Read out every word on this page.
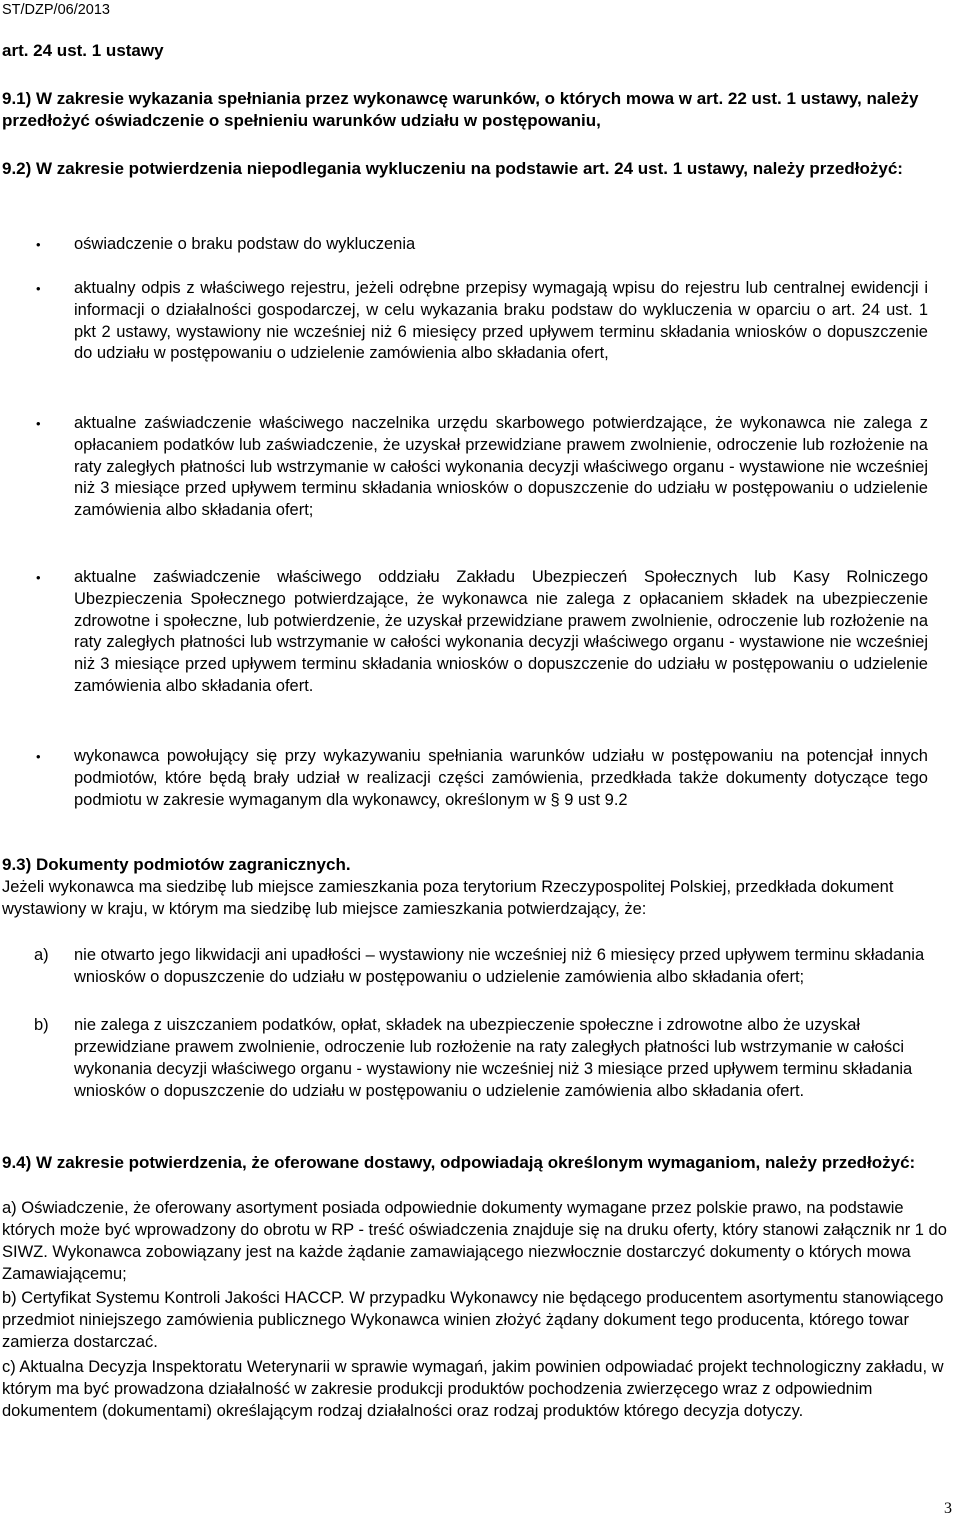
ST/DZP/06/2013
art. 24 ust. 1 ustawy
9.1) W zakresie wykazania spełniania przez wykonawcę warunków, o których mowa w art. 22 ust. 1 ustawy, należy przedłożyć oświadczenie o spełnieniu warunków udziału w postępowaniu,
9.2) W zakresie potwierdzenia niepodlegania wykluczeniu na podstawie art. 24 ust. 1 ustawy, należy przedłożyć:
•	oświadczenie o braku podstaw do wykluczenia
•	aktualny odpis z właściwego rejestru, jeżeli odrębne przepisy wymagają wpisu do rejestru lub centralnej ewidencji i informacji o działalności gospodarczej, w celu wykazania braku podstaw do wykluczenia w oparciu o art. 24 ust. 1 pkt 2 ustawy, wystawiony nie wcześniej niż 6 miesięcy przed upływem terminu składania wniosków o dopuszczenie do udziału w postępowaniu o udzielenie zamówienia albo składania ofert,
•	aktualne zaświadczenie właściwego naczelnika urzędu skarbowego potwierdzające, że wykonawca nie zalega z opłacaniem podatków lub zaświadczenie, że uzyskał przewidziane prawem zwolnienie, odroczenie lub rozłożenie na raty zaległych płatności lub wstrzymanie w całości wykonania decyzji właściwego organu - wystawione nie wcześniej niż 3 miesiące przed upływem terminu składania wniosków o dopuszczenie do udziału w postępowaniu o udzielenie zamówienia albo składania ofert;
•	aktualne zaświadczenie właściwego oddziału Zakładu Ubezpieczeń Społecznych lub Kasy Rolniczego Ubezpieczenia Społecznego potwierdzające, że wykonawca nie zalega z opłacaniem składek na ubezpieczenie zdrowotne i społeczne, lub potwierdzenie, że uzyskał przewidziane prawem zwolnienie, odroczenie lub rozłożenie na raty zaległych płatności lub wstrzymanie w całości wykonania decyzji właściwego organu - wystawione nie wcześniej niż 3 miesiące przed upływem terminu składania wniosków o dopuszczenie do udziału w postępowaniu o udzielenie zamówienia albo składania ofert.
•	wykonawca powołujący się przy wykazywaniu spełniania warunków udziału w postępowaniu na potencjał innych podmiotów, które będą brały udział w realizacji części zamówienia, przedkłada także dokumenty dotyczące tego podmiotu w zakresie wymaganym dla wykonawcy, określonym w § 9 ust 9.2
9.3) Dokumenty podmiotów zagranicznych.
Jeżeli wykonawca ma siedzibę lub miejsce zamieszkania poza terytorium Rzeczypospolitej Polskiej, przedkłada dokument wystawiony w kraju, w którym ma siedzibę lub miejsce zamieszkania potwierdzający, że:
a) nie otwarto jego likwidacji ani upadłości – wystawiony nie wcześniej niż 6 miesięcy przed upływem terminu składania wniosków o dopuszczenie do udziału w postępowaniu o udzielenie zamówienia albo składania ofert;
b) nie zalega z uiszczaniem podatków, opłat, składek na ubezpieczenie społeczne i zdrowotne albo że uzyskał przewidziane prawem zwolnienie, odroczenie lub rozłożenie na raty zaległych płatności lub wstrzymanie w całości wykonania decyzji właściwego organu - wystawiony nie wcześniej niż 3 miesiące przed upływem terminu składania wniosków o dopuszczenie do udziału w postępowaniu o udzielenie zamówienia albo składania ofert.
9.4) W zakresie potwierdzenia, że oferowane dostawy, odpowiadają określonym wymaganiom, należy przedłożyć:
a) Oświadczenie, że oferowany asortyment posiada odpowiednie dokumenty wymagane przez polskie prawo, na podstawie których może być wprowadzony do obrotu w RP - treść oświadczenia znajduje się na druku oferty, który stanowi załącznik nr 1 do SIWZ. Wykonawca zobowiązany jest na każde żądanie zamawiającego niezwłocznie dostarczyć dokumenty o których mowa Zamawiającemu;
b) Certyfikat Systemu Kontroli Jakości HACCP. W przypadku Wykonawcy nie będącego producentem asortymentu stanowiącego przedmiot niniejszego zamówienia publicznego Wykonawca winien złożyć żądany dokument tego producenta, którego towar zamierza dostarczać.
c) Aktualna Decyzja Inspektoratu Weterynarii w sprawie wymagań, jakim powinien odpowiadać projekt technologiczny zakładu, w którym ma być prowadzona działalność w zakresie produkcji produktów pochodzenia zwierzęcego wraz z odpowiednim dokumentem (dokumentami) określającym rodzaj działalności oraz rodzaj produktów którego decyzja dotyczy.
3
